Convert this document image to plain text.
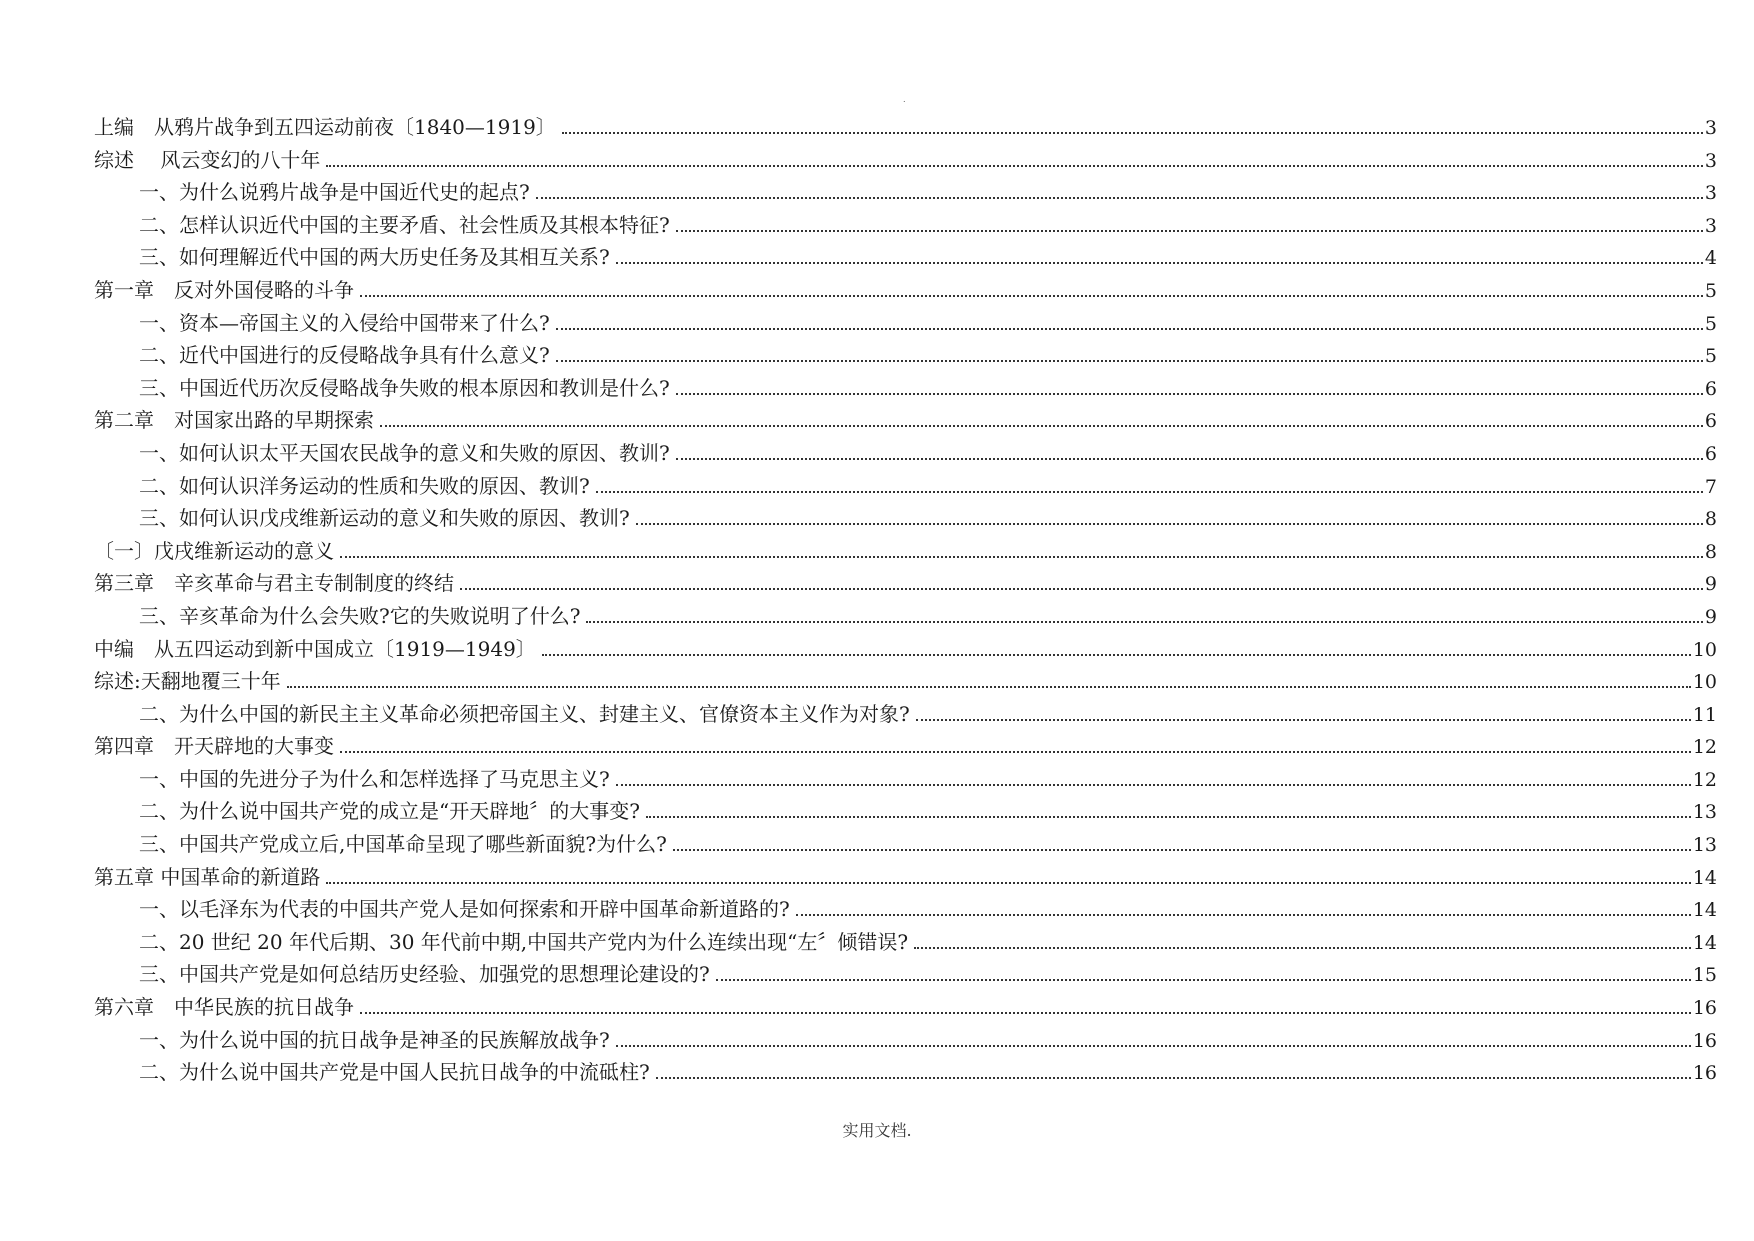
.
上编　从鸦片战争到五四运动前夜〔1840—1919〕	3
综述　 风云变幻的八十年	3
一、为什么说鸦片战争是中国近代史的起点?	3
二、怎样认识近代中国的主要矛盾、社会性质及其根本特征?	3
三、如何理解近代中国的两大历史任务及其相互关系?	4
第一章　反对外国侵略的斗争	5
一、资本—帝国主义的入侵给中国带来了什么?	5
二、近代中国进行的反侵略战争具有什么意义?	5
三、中国近代历次反侵略战争失败的根本原因和教训是什么?	6
第二章　对国家出路的早期探索	6
一、如何认识太平天国农民战争的意义和失败的原因、教训?	6
二、如何认识洋务运动的性质和失败的原因、教训?	7
三、如何认识戊戌维新运动的意义和失败的原因、教训?	8
〔一〕戊戌维新运动的意义	8
第三章　辛亥革命与君主专制制度的终结	9
三、辛亥革命为什么会失败?它的失败说明了什么?	9
中编　从五四运动到新中国成立〔1919—1949〕	10
综述:天翻地覆三十年	10
二、为什么中国的新民主主义革命必须把帝国主义、封建主义、官僚资本主义作为对象?	11
第四章　开天辟地的大事变	12
一、中国的先进分子为什么和怎样选择了马克思主义?	12
二、为什么说中国共产党的成立是“开天辟地〞的大事变?	13
三、中国共产党成立后,中国革命呈现了哪些新面貌?为什么?	13
第五章 中国革命的新道路	14
一、以毛泽东为代表的中国共产党人是如何探索和开辟中国革命新道路的?	14
二、20 世纪 20 年代后期、30 年代前中期,中国共产党内为什么连续出现“左〞倾错误?	14
三、中国共产党是如何总结历史经验、加强党的思想理论建设的?	15
第六章　中华民族的抗日战争	16
一、为什么说中国的抗日战争是神圣的民族解放战争?	16
二、为什么说中国共产党是中国人民抗日战争的中流砥柱?	16
实用文档.
